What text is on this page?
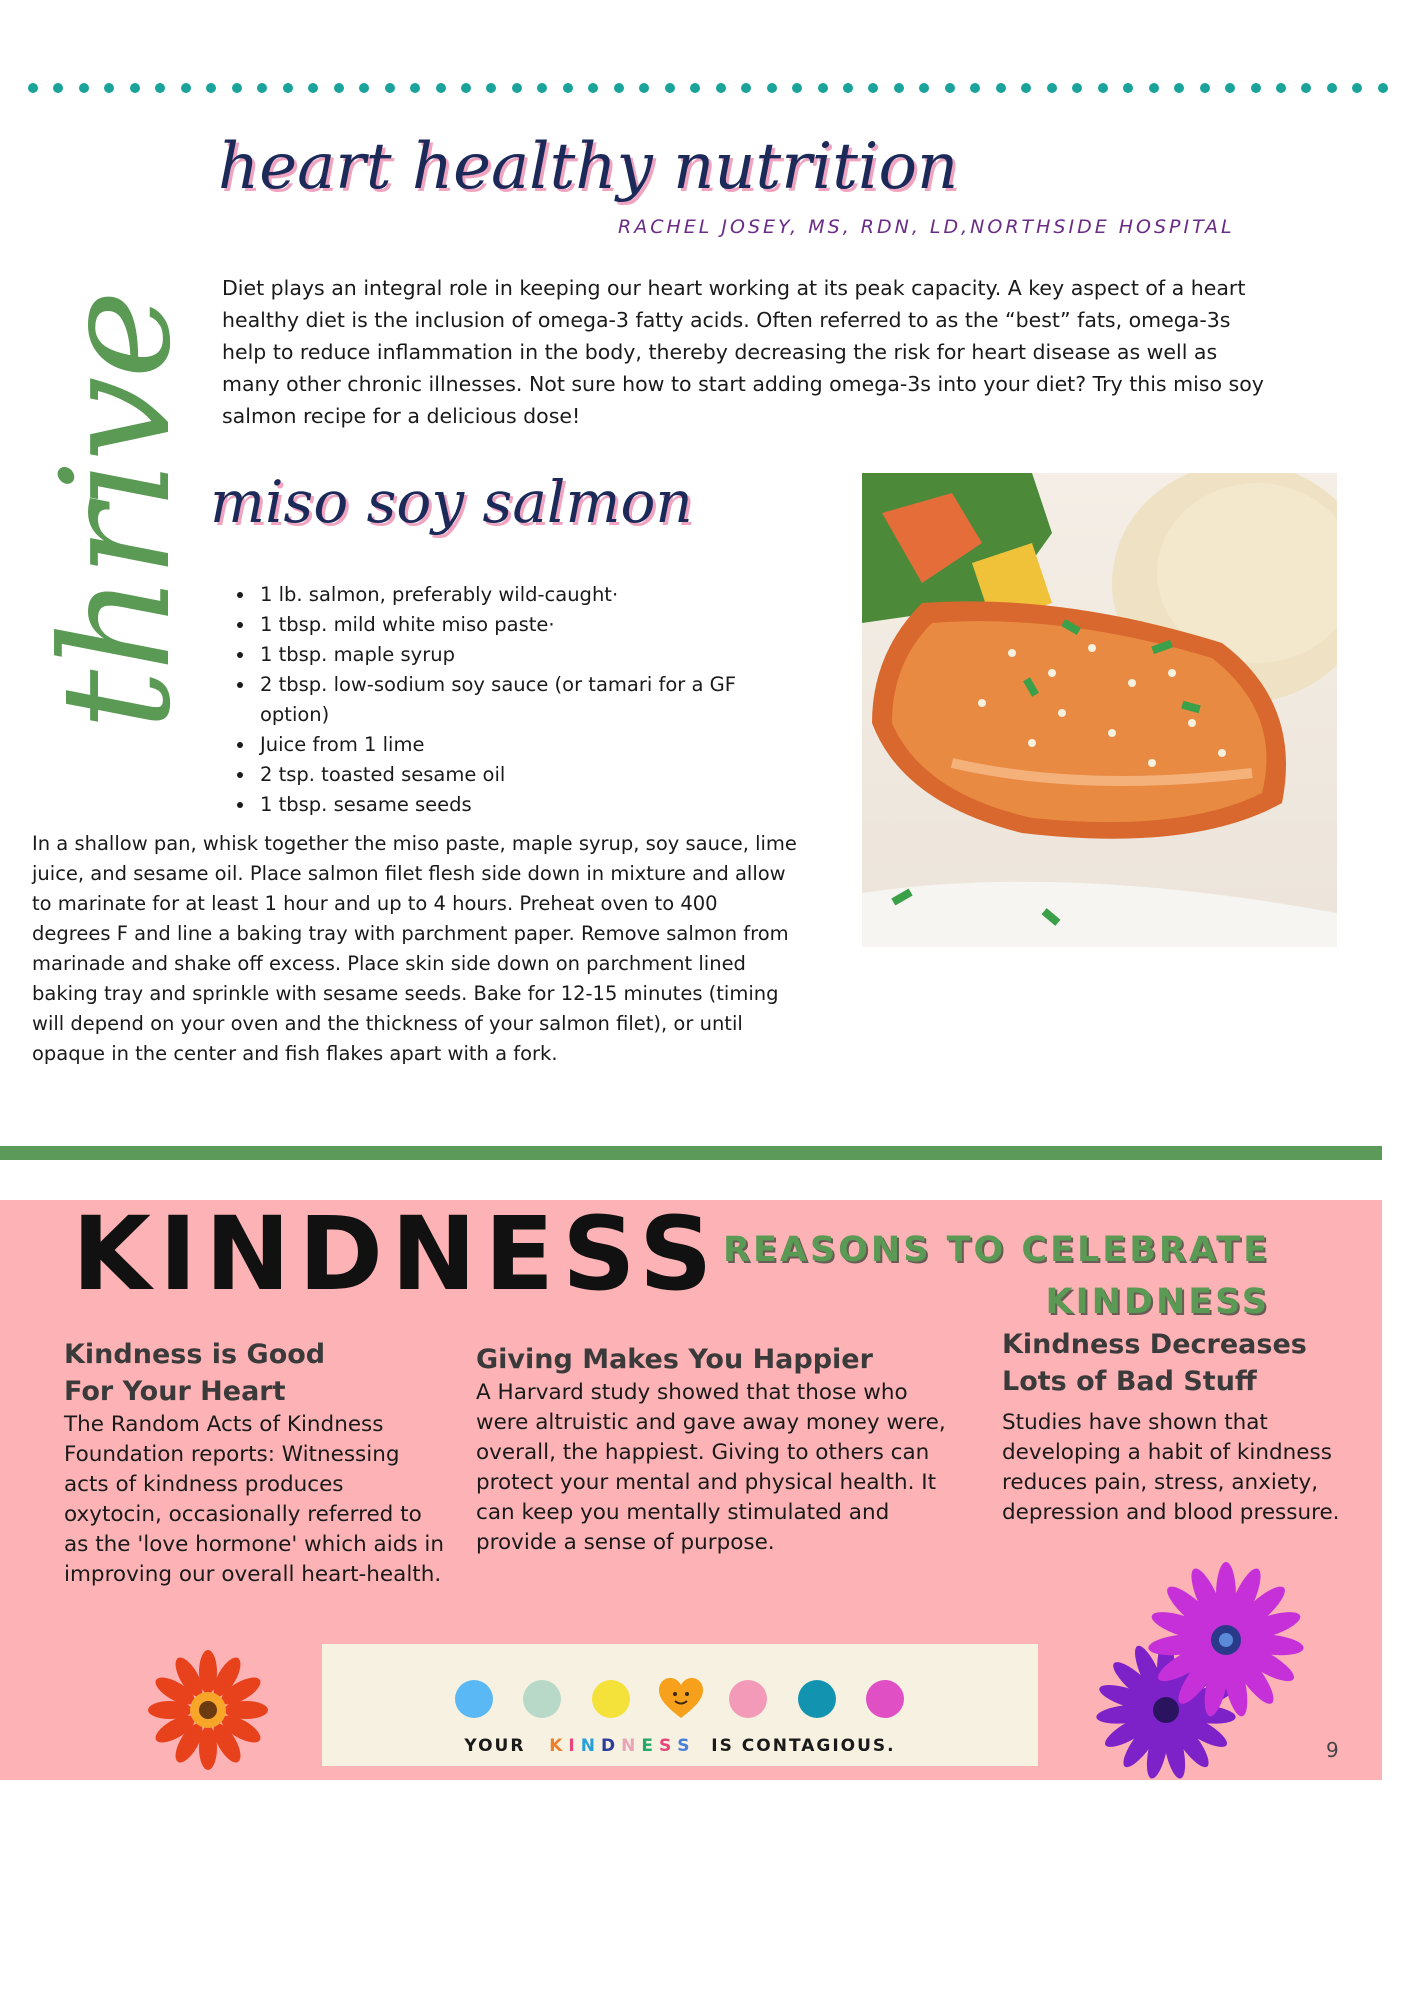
thrive
heart healthy nutrition
RACHEL JOSEY, MS, RDN, LD,NORTHSIDE HOSPITAL

Diet plays an integral role in keeping our heart working at its peak capacity. A key aspect of a heart healthy diet is the inclusion of omega-3 fatty acids. Often referred to as the “best” fats, omega-3s help to reduce inflammation in the body, thereby decreasing the risk for heart disease as well as many other chronic illnesses. Not sure how to start adding omega-3s into your diet? Try this miso soy salmon recipe for a delicious dose!

miso soy salmon
• 1 lb. salmon, preferably wild-caught·
• 1 tbsp. mild white miso paste·
• 1 tbsp. maple syrup
• 2 tbsp. low-sodium soy sauce (or tamari for a GF option)
• Juice from 1 lime
• 2 tsp. toasted sesame oil
• 1 tbsp. sesame seeds

In a shallow pan, whisk together the miso paste, maple syrup, soy sauce, lime juice, and sesame oil. Place salmon filet flesh side down in mixture and allow to marinate for at least 1 hour and up to 4 hours. Preheat oven to 400 degrees F and line a baking tray with parchment paper. Remove salmon from marinade and shake off excess. Place skin side down on parchment lined baking tray and sprinkle with sesame seeds. Bake for 12-15 minutes (timing will depend on your oven and the thickness of your salmon filet), or until opaque in the center and fish flakes apart with a fork.

KINDNESS REASONS TO CELEBRATE
KINDNESS

Kindness is Good
For Your Heart

The Random Acts of Kindness Foundation reports: Witnessing acts of kindness produces oxytocin, occasionally referred to as the 'love hormone' which aids in improving our overall heart-health.

Giving Makes You Happier

A Harvard study showed that those who were altruistic and gave away money were, overall, the happiest. Giving to others can protect your mental and physical health. It can keep you mentally stimulated and provide a sense of purpose.

Kindness Decreases
Lots of Bad Stuff

Studies have shown that developing a habit of kindness reduces pain, stress, anxiety, depression and blood pressure.

YOUR KINDNESS IS CONTAGIOUS.	9
